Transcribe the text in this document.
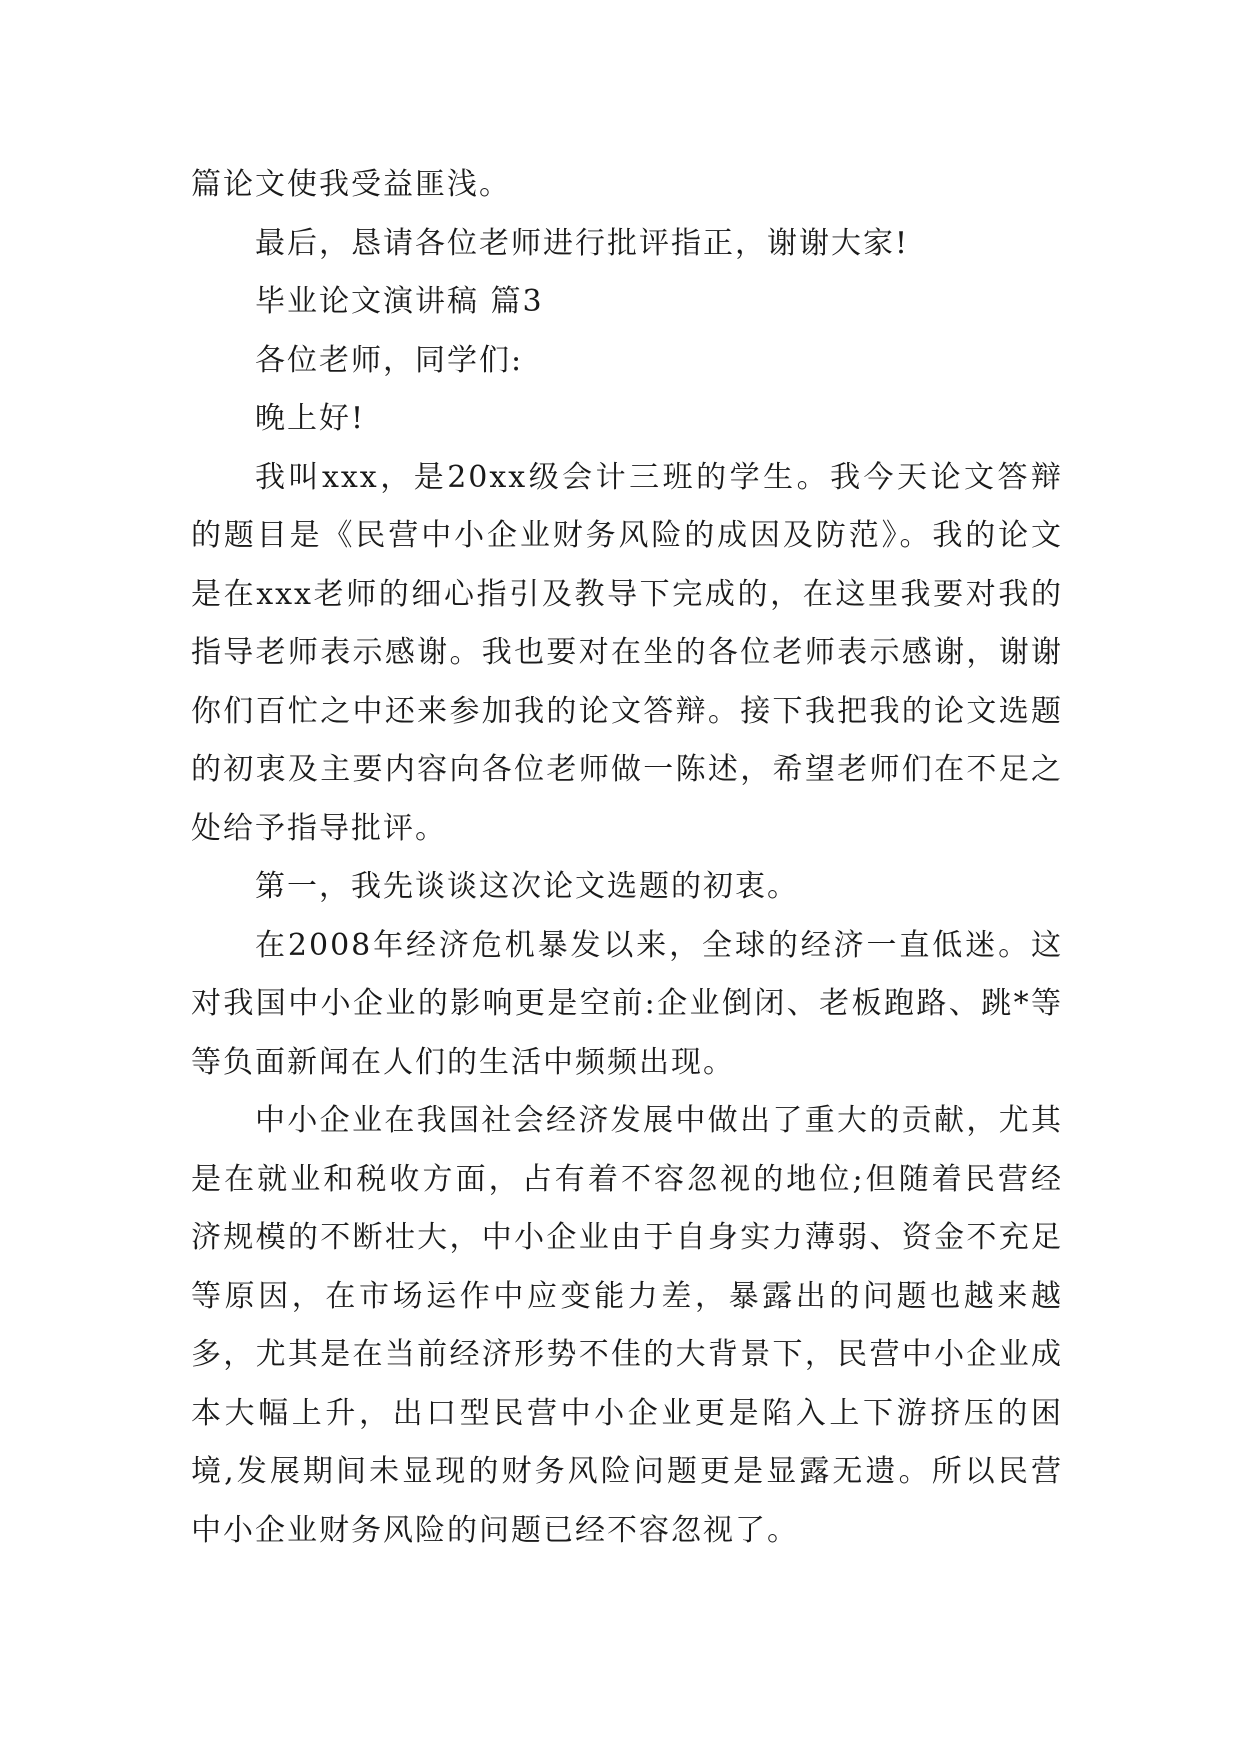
篇论文使我受益匪浅。

最后，恳请各位老师进行批评指正，谢谢大家!

毕业论文演讲稿 篇3

各位老师，同学们:

晚上好!

我叫xxx，是20xx级会计三班的学生。我今天论文答辩的题目是《民营中小企业财务风险的成因及防范》。我的论文是在xxx老师的细心指引及教导下完成的，在这里我要对我的指导老师表示感谢。我也要对在坐的各位老师表示感谢，谢谢你们百忙之中还来参加我的论文答辩。接下我把我的论文选题的初衷及主要内容向各位老师做一陈述，希望老师们在不足之处给予指导批评。

第一，我先谈谈这次论文选题的初衷。

在2008年经济危机暴发以来，全球的经济一直低迷。这对我国中小企业的影响更是空前:企业倒闭、老板跑路、跳*等等负面新闻在人们的生活中频频出现。

中小企业在我国社会经济发展中做出了重大的贡献，尤其是在就业和税收方面，占有着不容忽视的地位;但随着民营经济规模的不断壮大，中小企业由于自身实力薄弱、资金不充足等原因，在市场运作中应变能力差，暴露出的问题也越来越多，尤其是在当前经济形势不佳的大背景下，民营中小企业成本大幅上升，出口型民营中小企业更是陷入上下游挤压的困境,发展期间未显现的财务风险问题更是显露无遗。所以民营中小企业财务风险的问题已经不容忽视了。
